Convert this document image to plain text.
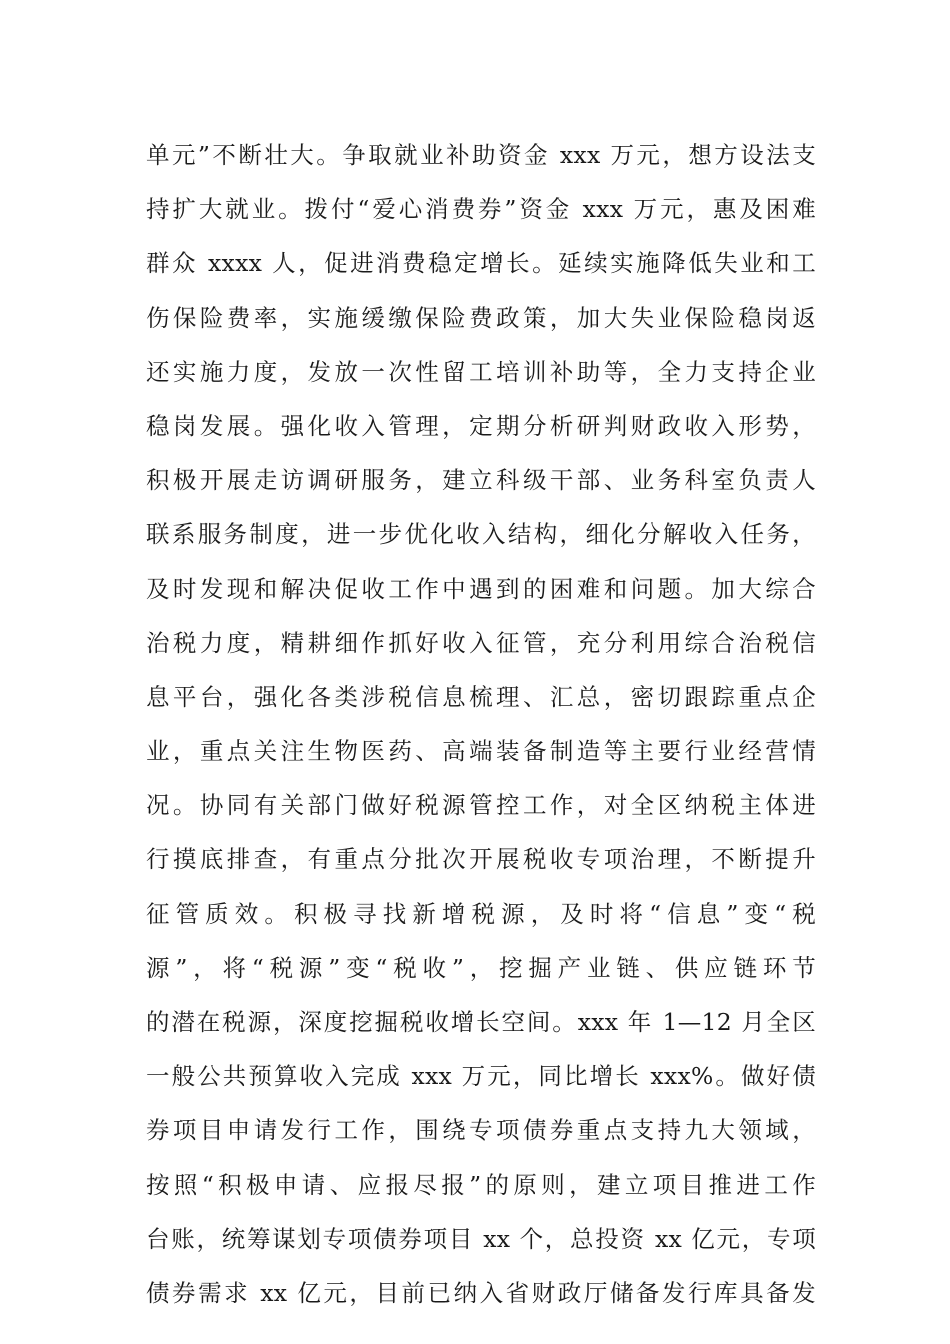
单元”不断壮大。争取就业补助资金 xxx 万元，想方设法支
持扩大就业。拨付“爱心消费券”资金 xxx 万元，惠及困难
群众 xxxx 人，促进消费稳定增长。延续实施降低失业和工
伤保险费率，实施缓缴保险费政策，加大失业保险稳岗返
还实施力度，发放一次性留工培训补助等，全力支持企业
稳岗发展。强化收入管理，定期分析研判财政收入形势，
积极开展走访调研服务，建立科级干部、业务科室负责人
联系服务制度，进一步优化收入结构，细化分解收入任务，
及时发现和解决促收工作中遇到的困难和问题。加大综合
治税力度，精耕细作抓好收入征管，充分利用综合治税信
息平台，强化各类涉税信息梳理、汇总，密切跟踪重点企
业，重点关注生物医药、高端装备制造等主要行业经营情
况。协同有关部门做好税源管控工作，对全区纳税主体进
行摸底排查，有重点分批次开展税收专项治理，不断提升
征管质效。积极寻找新增税源，及时将“信息”变“税
源”，将“税源”变“税收”，挖掘产业链、供应链环节
的潜在税源，深度挖掘税收增长空间。xxx 年 1—12 月全区
一般公共预算收入完成 xxx 万元，同比增长 xxx%。做好债
券项目申请发行工作，围绕专项债券重点支持九大领域，
按照“积极申请、应报尽报”的原则，建立项目推进工作
台账，统筹谋划专项债券项目 xx 个，总投资 xx 亿元，专项
债券需求 xx 亿元，目前已纳入省财政厅储备发行库具备发
